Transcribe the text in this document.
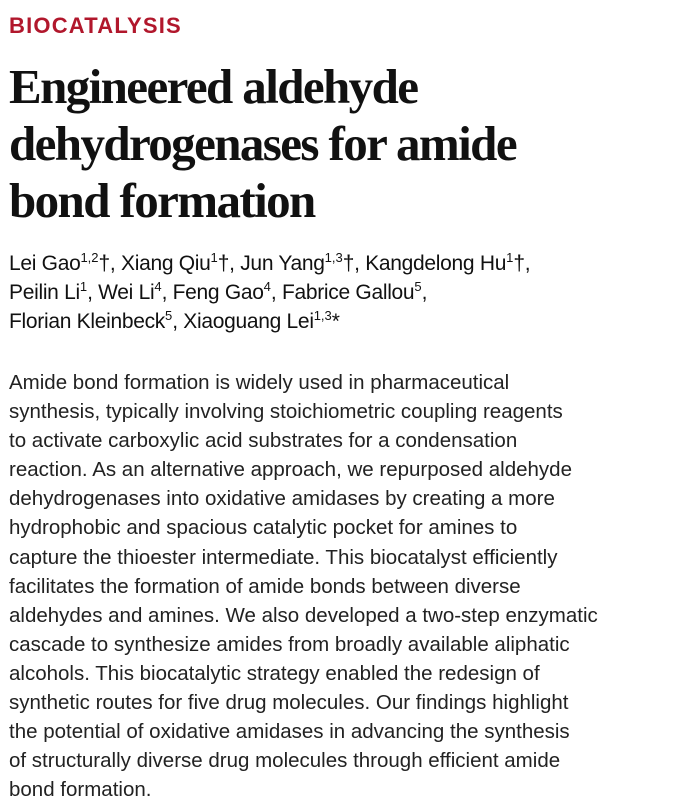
BIOCATALYSIS
Engineered aldehyde
dehydrogenases for amide
bond formation
Lei Gao$^{1,2}$†, Xiang Qiu$^1$†, Jun Yang$^{1,3}$†, Kangdelong Hu$^1$†,
Peilin Li$^1$, Wei Li$^4$, Feng Gao$^4$, Fabrice Gallou$^5$,
Florian Kleinbeck$^5$, Xiaoguang Lei$^{1,3}$*
Amide bond formation is widely used in pharmaceutical
synthesis, typically involving stoichiometric coupling reagents
to activate carboxylic acid substrates for a condensation
reaction. As an alternative approach, we repurposed aldehyde
dehydrogenases into oxidative amidases by creating a more
hydrophobic and spacious catalytic pocket for amines to
capture the thioester intermediate. This biocatalyst efficiently
facilitates the formation of amide bonds between diverse
aldehydes and amines. We also developed a two-step enzymatic
cascade to synthesize amides from broadly available aliphatic
alcohols. This biocatalytic strategy enabled the redesign of
synthetic routes for five drug molecules. Our findings highlight
the potential of oxidative amidases in advancing the synthesis
of structurally diverse drug molecules through efficient amide
bond formation.
